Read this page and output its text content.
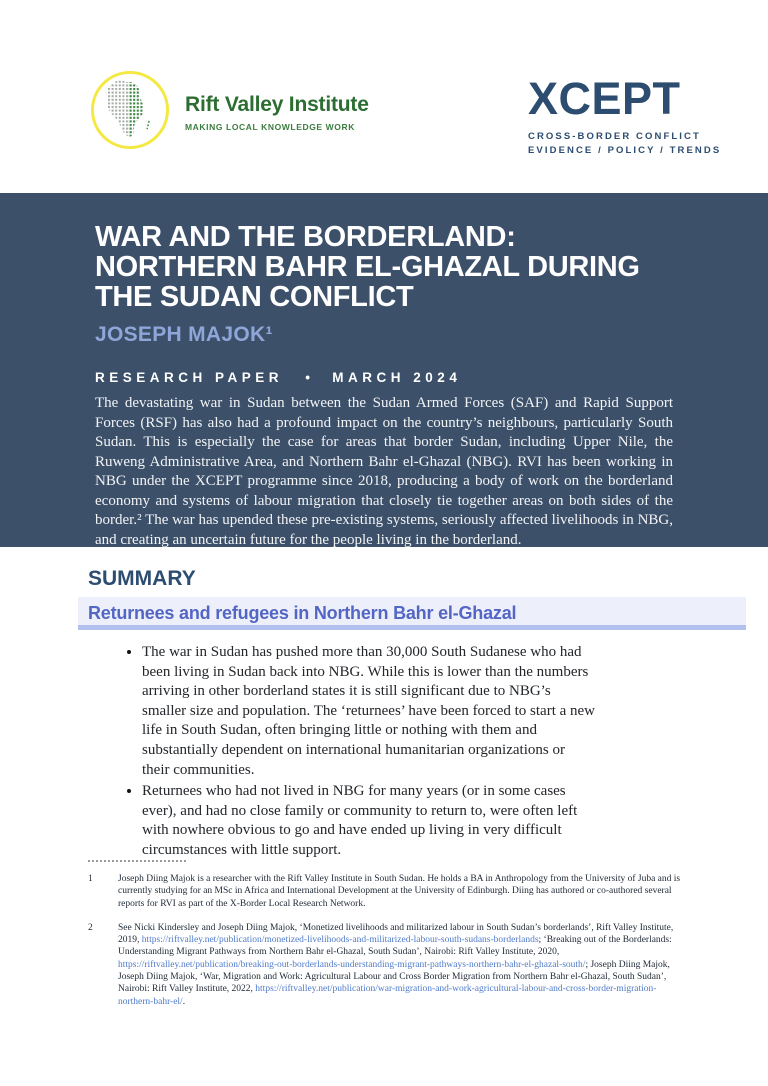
Rift Valley Institute
MAKING LOCAL KNOWLEDGE WORK
XCEPT
CROSS-BORDER CONFLICT
EVIDENCE / POLICY / TRENDS
WAR AND THE BORDERLAND:
NORTHERN BAHR EL-GHAZAL DURING
THE SUDAN CONFLICT
JOSEPH MAJOK¹
RESEARCH PAPER • MARCH 2024

The devastating war in Sudan between the Sudan Armed Forces (SAF) and Rapid Support Forces (RSF) has also had a profound impact on the country’s neighbours, particularly South Sudan. This is especially the case for areas that border Sudan, including Upper Nile, the Ruweng Administrative Area, and Northern Bahr el-Ghazal (NBG). RVI has been working in NBG under the XCEPT programme since 2018, producing a body of work on the borderland economy and systems of labour migration that closely tie together areas on both sides of the border.² The war has upended these pre-existing systems, seriously affected livelihoods in NBG, and creating an uncertain future for the people living in the borderland.

SUMMARY
Returnees and refugees in Northern Bahr el-Ghazal
• The war in Sudan has pushed more than 30,000 South Sudanese who had been living in Sudan back into NBG. While this is lower than the numbers arriving in other borderland states it is still significant due to NBG’s smaller size and population. The ‘returnees’ have been forced to start a new life in South Sudan, often bringing little or nothing with them and substantially dependent on international humanitarian organizations or their communities.
• Returnees who had not lived in NBG for many years (or in some cases ever), and had no close family or community to return to, were often left with nowhere obvious to go and have ended up living in very difficult circumstances with little support.
1	Joseph Diing Majok is a researcher with the Rift Valley Institute in South Sudan. He holds a BA in Anthropology from the University of Juba and is currently studying for an MSc in Africa and International Development at the University of Edinburgh. Diing has authored or co-authored several reports for RVI as part of the X-Border Local Research Network.

2	See Nicki Kindersley and Joseph Diing Majok, ‘Monetized livelihoods and militarized labour in South Sudan’s borderlands’, Rift Valley Institute, 2019, https://riftvalley.net/publication/monetized-livelihoods-and-militarized-labour-south-sudans-borderlands; ‘Breaking out of the Borderlands: Understanding Migrant Pathways from Northern Bahr el-Ghazal, South Sudan’, Nairobi: Rift Valley Institute, 2020, https://riftvalley.net/publication/breaking-out-borderlands-understanding-migrant-pathways-northern-bahr-el-ghazal-south/; Joseph Diing Majok, Joseph Diing Majok, ‘War, Migration and Work: Agricultural Labour and Cross Border Migration from Northern Bahr el-Ghazal, South Sudan’, Nairobi: Rift Valley Institute, 2022, https://riftvalley.net/publication/war-migration-and-work-agricultural-labour-and-cross-border-migration-northern-bahr-el/.
